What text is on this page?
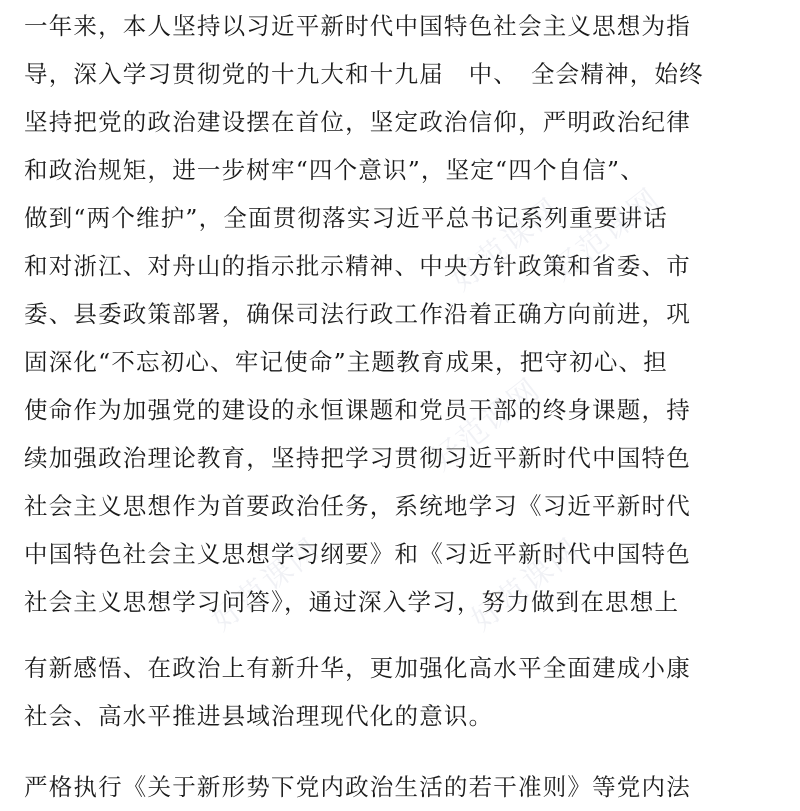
好范课网
好范课网
好范课网
好范课网	好范课网
一年来，本人坚持以习近平新时代中国特色社会主义思想为指
导，深入学习贯彻党的十九大和十九届　中、　全会精神，始终
坚持把党的政治建设摆在首位，坚定政治信仰，严明政治纪律
和政治规矩，进一步树牢“四个意识”，坚定“四个自信”、
做到“两个维护”，全面贯彻落实习近平总书记系列重要讲话
和对浙江、对舟山的指示批示精神、中央方针政策和省委、市
委、县委政策部署，确保司法行政工作沿着正确方向前进，巩
固深化“不忘初心、牢记使命”主题教育成果，把守初心、担
使命作为加强党的建设的永恒课题和党员干部的终身课题，持
续加强政治理论教育，坚持把学习贯彻习近平新时代中国特色
社会主义思想作为首要政治任务，系统地学习《习近平新时代
中国特色社会主义思想学习纲要》和《习近平新时代中国特色
社会主义思想学习问答》，通过深入学习，努力做到在思想上
有新感悟、在政治上有新升华，更加强化高水平全面建成小康
社会、高水平推进县域治理现代化的意识。
严格执行《关于新形势下党内政治生活的若干准则》等党内法
